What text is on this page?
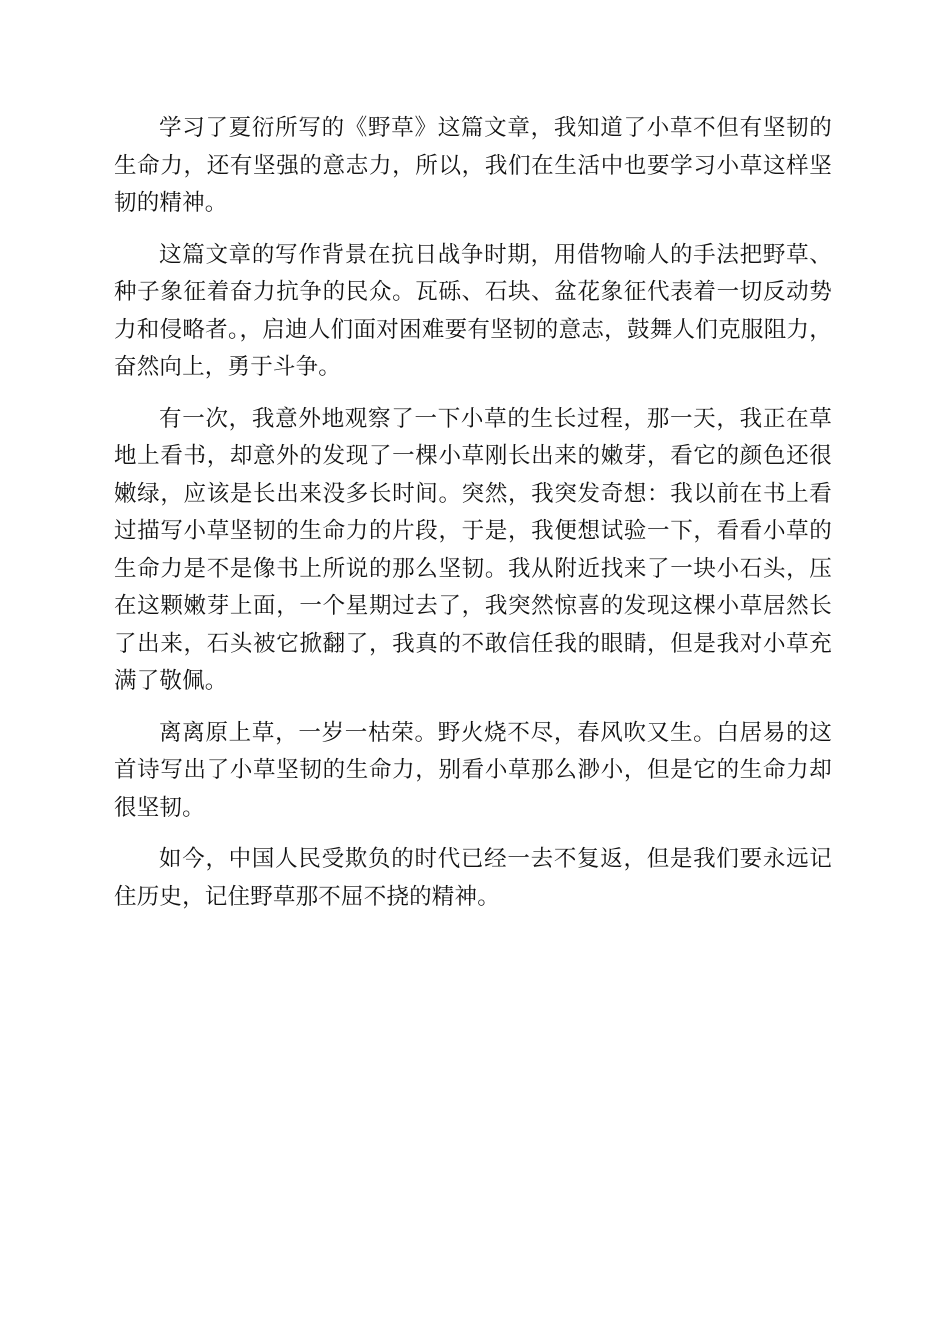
学习了夏衍所写的《野草》这篇文章，我知道了小草不但有坚韧的生命力，还有坚强的意志力，所以，我们在生活中也要学习小草这样坚韧的精神。

这篇文章的写作背景在抗日战争时期，用借物喻人的手法把野草、种子象征着奋力抗争的民众。瓦砾、石块、盆花象征代表着一切反动势力和侵略者。，启迪人们面对困难要有坚韧的意志，鼓舞人们克服阻力，奋然向上，勇于斗争。

有一次，我意外地观察了一下小草的生长过程，那一天，我正在草地上看书，却意外的发现了一棵小草刚长出来的嫩芽，看它的颜色还很嫩绿，应该是长出来没多长时间。突然，我突发奇想：我以前在书上看过描写小草坚韧的生命力的片段，于是，我便想试验一下，看看小草的生命力是不是像书上所说的那么坚韧。我从附近找来了一块小石头，压在这颗嫩芽上面，一个星期过去了，我突然惊喜的发现这棵小草居然长了出来，石头被它掀翻了，我真的不敢信任我的眼睛，但是我对小草充满了敬佩。

离离原上草，一岁一枯荣。野火烧不尽，春风吹又生。白居易的这首诗写出了小草坚韧的生命力，别看小草那么渺小，但是它的生命力却很坚韧。

如今，中国人民受欺负的时代已经一去不复返，但是我们要永远记住历史，记住野草那不屈不挠的精神。
